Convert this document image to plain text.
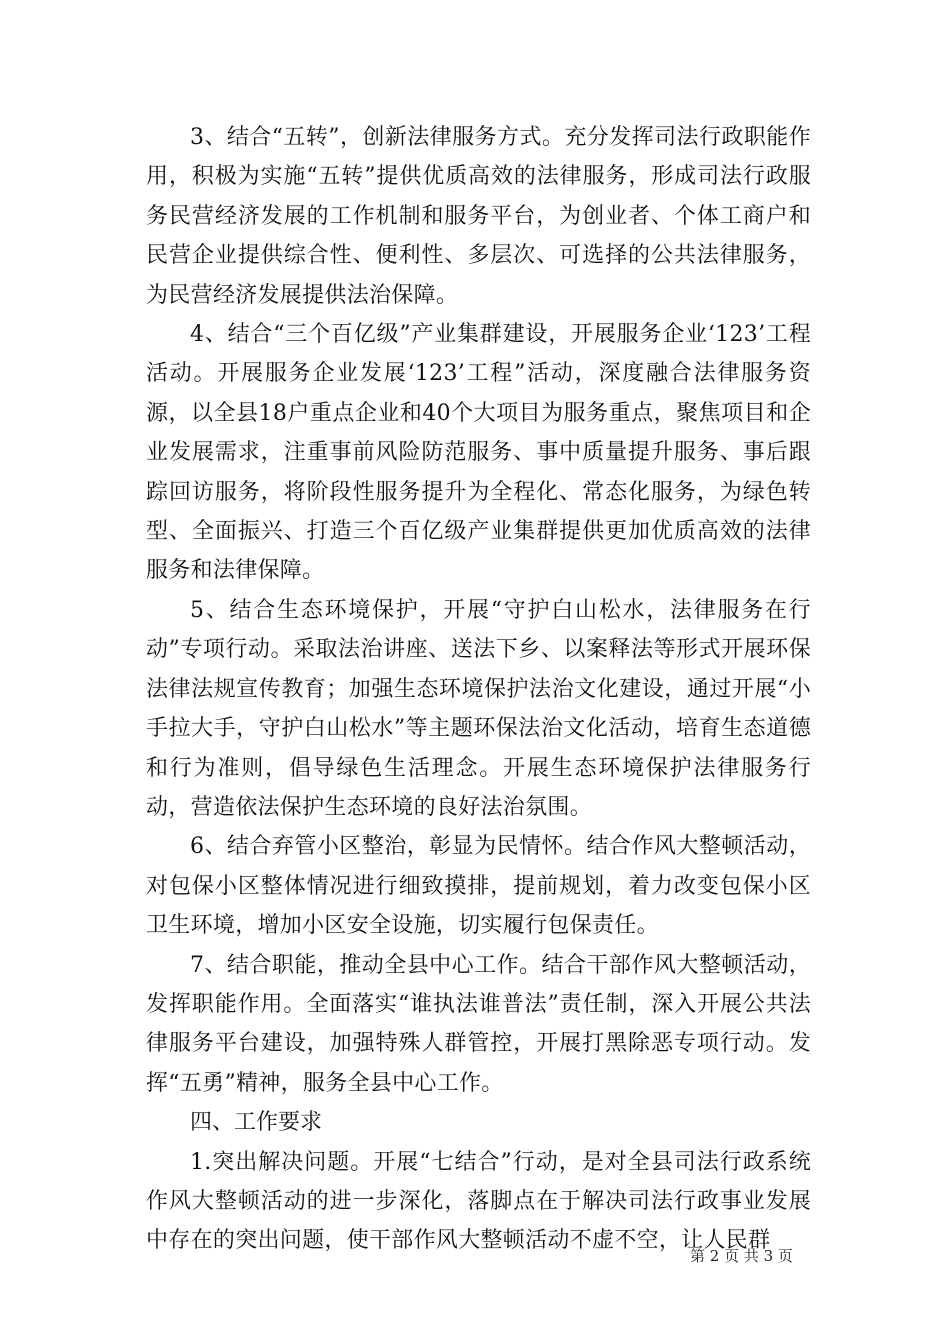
3、结合“五转”，创新法律服务方式。充分发挥司法行政职能作用，积极为实施“五转”提供优质高效的法律服务，形成司法行政服务民营经济发展的工作机制和服务平台，为创业者、个体工商户和民营企业提供综合性、便利性、多层次、可选择的公共法律服务，为民营经济发展提供法治保障。

4、结合“三个百亿级”产业集群建设，开展服务企业‘123’工程活动。开展服务企业发展‘123’工程”活动，深度融合法律服务资源，以全县18户重点企业和40个大项目为服务重点，聚焦项目和企业发展需求，注重事前风险防范服务、事中质量提升服务、事后跟踪回访服务，将阶段性服务提升为全程化、常态化服务，为绿色转型、全面振兴、打造三个百亿级产业集群提供更加优质高效的法律服务和法律保障。

5、结合生态环境保护，开展“守护白山松水，法律服务在行动”专项行动。采取法治讲座、送法下乡、以案释法等形式开展环保法律法规宣传教育；加强生态环境保护法治文化建设，通过开展“小手拉大手，守护白山松水”等主题环保法治文化活动，培育生态道德和行为准则，倡导绿色生活理念。开展生态环境保护法律服务行动，营造依法保护生态环境的良好法治氛围。

6、结合弃管小区整治，彰显为民情怀。结合作风大整顿活动，对包保小区整体情况进行细致摸排，提前规划，着力改变包保小区卫生环境，增加小区安全设施，切实履行包保责任。

7、结合职能，推动全县中心工作。结合干部作风大整顿活动，发挥职能作用。全面落实“谁执法谁普法”责任制，深入开展公共法律服务平台建设，加强特殊人群管控，开展打黑除恶专项行动。发挥“五勇”精神，服务全县中心工作。

四、工作要求

1.突出解决问题。开展“七结合”行动，是对全县司法行政系统作风大整顿活动的进一步深化，落脚点在于解决司法行政事业发展中存在的突出问题，使干部作风大整顿活动不虚不空，让人民群

第 2 页 共 3 页
